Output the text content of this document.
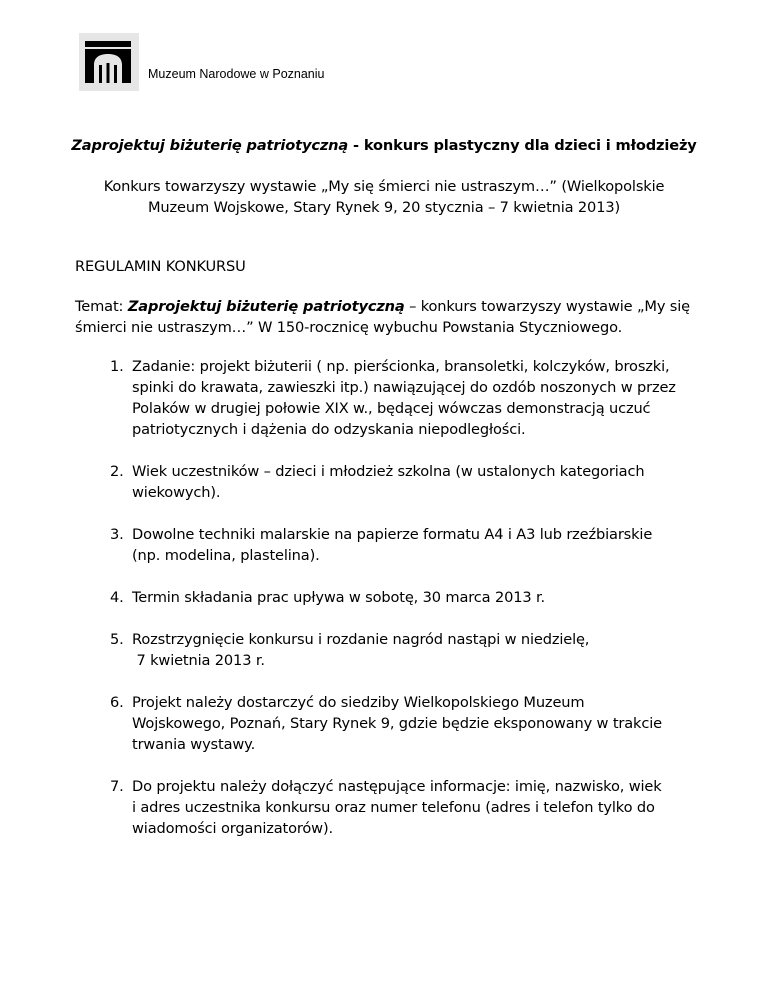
Muzeum Narodowe w Poznaniu
Zaprojektuj biżuterię patriotyczną - konkurs plastyczny dla dzieci i młodzieży
Konkurs towarzyszy wystawie „My się śmierci nie ustraszym…” (Wielkopolskie
Muzeum Wojskowe, Stary Rynek 9, 20 stycznia – 7 kwietnia 2013)
REGULAMIN KONKURSU
Temat: Zaprojektuj biżuterię patriotyczną – konkurs towarzyszy wystawie „My się
śmierci nie ustraszym…” W 150-rocznicę wybuchu Powstania Styczniowego.
1. Zadanie: projekt biżuterii ( np. pierścionka, bransoletki, kolczyków, broszki,
spinki do krawata, zawieszki itp.) nawiązującej do ozdób noszonych w przez
Polaków w drugiej połowie XIX w., będącej wówczas demonstracją uczuć
patriotycznych i dążenia do odzyskania niepodległości.
2. Wiek uczestników – dzieci i młodzież szkolna (w ustalonych kategoriach
wiekowych).
3. Dowolne techniki malarskie na papierze formatu A4 i A3 lub rzeźbiarskie
(np. modelina, plastelina).
4. Termin składania prac upływa w sobotę, 30 marca 2013 r.
5. Rozstrzygnięcie konkursu i rozdanie nagród nastąpi w niedzielę,
7 kwietnia 2013 r.
6. Projekt należy dostarczyć do siedziby Wielkopolskiego Muzeum
Wojskowego, Poznań, Stary Rynek 9, gdzie będzie eksponowany w trakcie
trwania wystawy.
7. Do projektu należy dołączyć następujące informacje: imię, nazwisko, wiek
i adres uczestnika konkursu oraz numer telefonu (adres i telefon tylko do
wiadomości organizatorów).
